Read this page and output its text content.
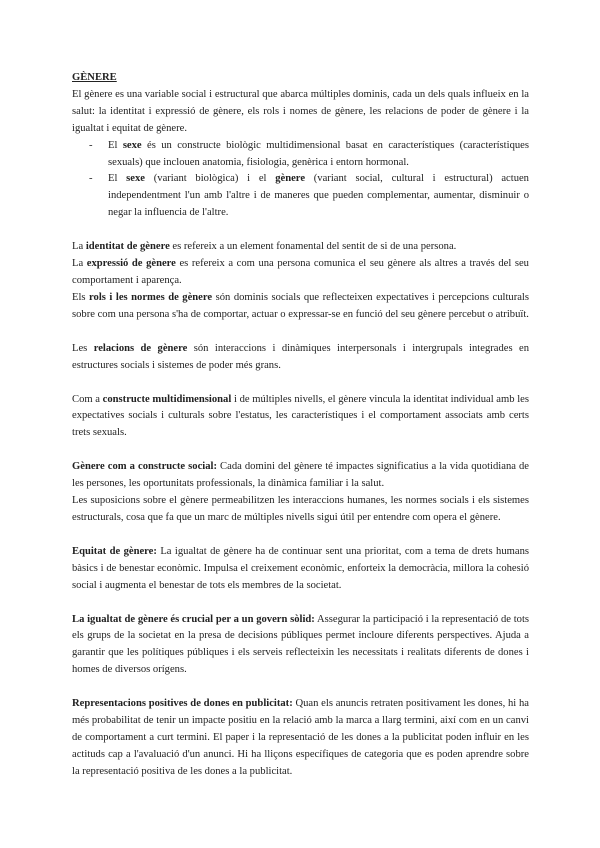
GÈNERE

El gènere es una variable social i estructural que abarca múltiples dominis, cada un dels quals influeix en la salut: la identitat i expressió de gènere, els rols i nomes de gènere, les relacions de poder de gènere i la igualtat i equitat de gènere.

- El sexe és un constructe biològic multidimensional basat en característiques (característiques sexuals) que inclouen anatomia, fisiologia, genèrica i entorn hormonal.
- El sexe (variant biològica) i el gènere (variant social, cultural i estructural) actuen independentment l'un amb l'altre i de maneres que pueden complementar, aumentar, disminuir o negar la influencia de l'altre.

La identitat de gènere es refereix a un element fonamental del sentit de si de una persona.

La expressió de gènere es refereix a com una persona comunica el seu gènere als altres a través del seu comportament i aparença.

Els rols i les normes de gènere són dominis socials que reflecteixen expectatives i percepcions culturals sobre com una persona s'ha de comportar, actuar o expressar-se en funció del seu gènere percebut o atribuït.

Les relacions de gènere són interaccions i dinàmiques interpersonals i intergrupals integrades en estructures socials i sistemes de poder més grans.

Com a constructe multidimensional i de múltiples nivells, el gènere vincula la identitat individual amb les expectatives socials i culturals sobre l'estatus, les característiques i el comportament associats amb certs trets sexuals.

Gènere com a constructe social: Cada domini del gènere té impactes significatius a la vida quotidiana de les persones, les oportunitats professionals, la dinàmica familiar i la salut.

Les suposicions sobre el gènere permeabilitzen les interaccions humanes, les normes socials i els sistemes estructurals, cosa que fa que un marc de múltiples nivells sigui útil per entendre com opera el gènere.

Equitat de gènere: La igualtat de gènere ha de continuar sent una prioritat, com a tema de drets humans bàsics i de benestar econòmic. Impulsa el creixement econòmic, enforteix la democràcia, millora la cohesió social i augmenta el benestar de tots els membres de la societat.

La igualtat de gènere és crucial per a un govern sòlid: Assegurar la participació i la representació de tots els grups de la societat en la presa de decisions públiques permet incloure diferents perspectives. Ajuda a garantir que les polítiques públiques i els serveis reflecteixin les necessitats i realitats diferents de dones i homes de diversos orígens.

Representacions positives de dones en publicitat: Quan els anuncis retraten positivament les dones, hi ha més probabilitat de tenir un impacte positiu en la relació amb la marca a llarg termini, així com en un canvi de comportament a curt termini. El paper i la representació de les dones a la publicitat poden influir en les actituds cap a l'avaluació d'un anunci. Hi ha lliçons específiques de categoria que es poden aprendre sobre la representació positiva de les dones a la publicitat.
